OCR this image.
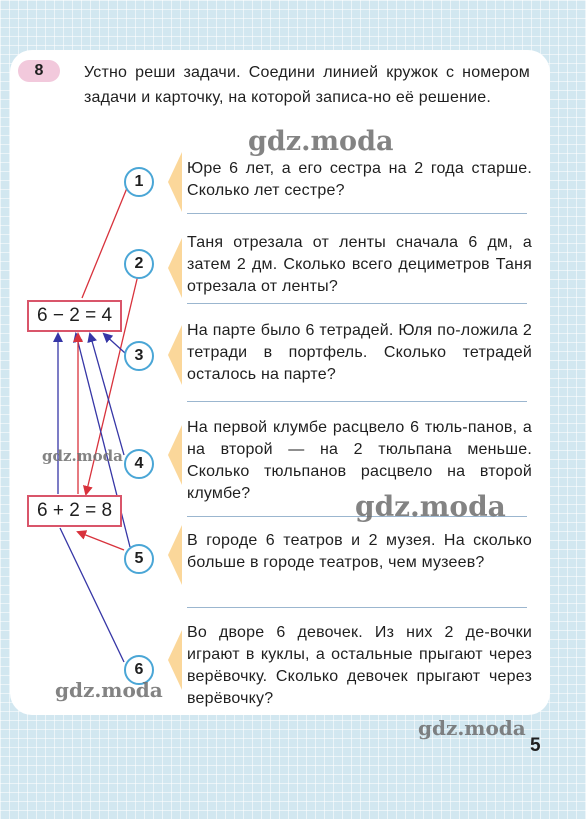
8	Устно реши задачи. Соедини линией кружок с номером задачи и карточку, на которой записа-но её решение.
Юре 6 лет, а его сестра на 2 года старше. Сколько лет сестре?
Таня отрезала от ленты сначала 6 дм, а затем 2 дм. Сколько всего дециметров Таня отрезала от ленты?
На парте было 6 тетрадей. Юля по-ложила 2 тетради в портфель. Сколько тетрадей осталось на парте?
На первой клумбе расцвело 6 тюль-панов, а на второй — на 2 тюльпана меньше. Сколько тюльпанов расцвело на второй клумбе?
В городе 6 театров и 2 музея. На сколько больше в городе театров, чем музеев?
Во дворе 6 девочек. Из них 2 де-вочки играют в куклы, а остальные прыгают через верёвочку. Сколько девочек прыгают через верёвочку?
1
2
3
4
5
6
6 − 2 = 4
6 + 2 = 8
gdz.moda
gdz.moda
gdz.moda
gdz.moda
gdz.moda
5
